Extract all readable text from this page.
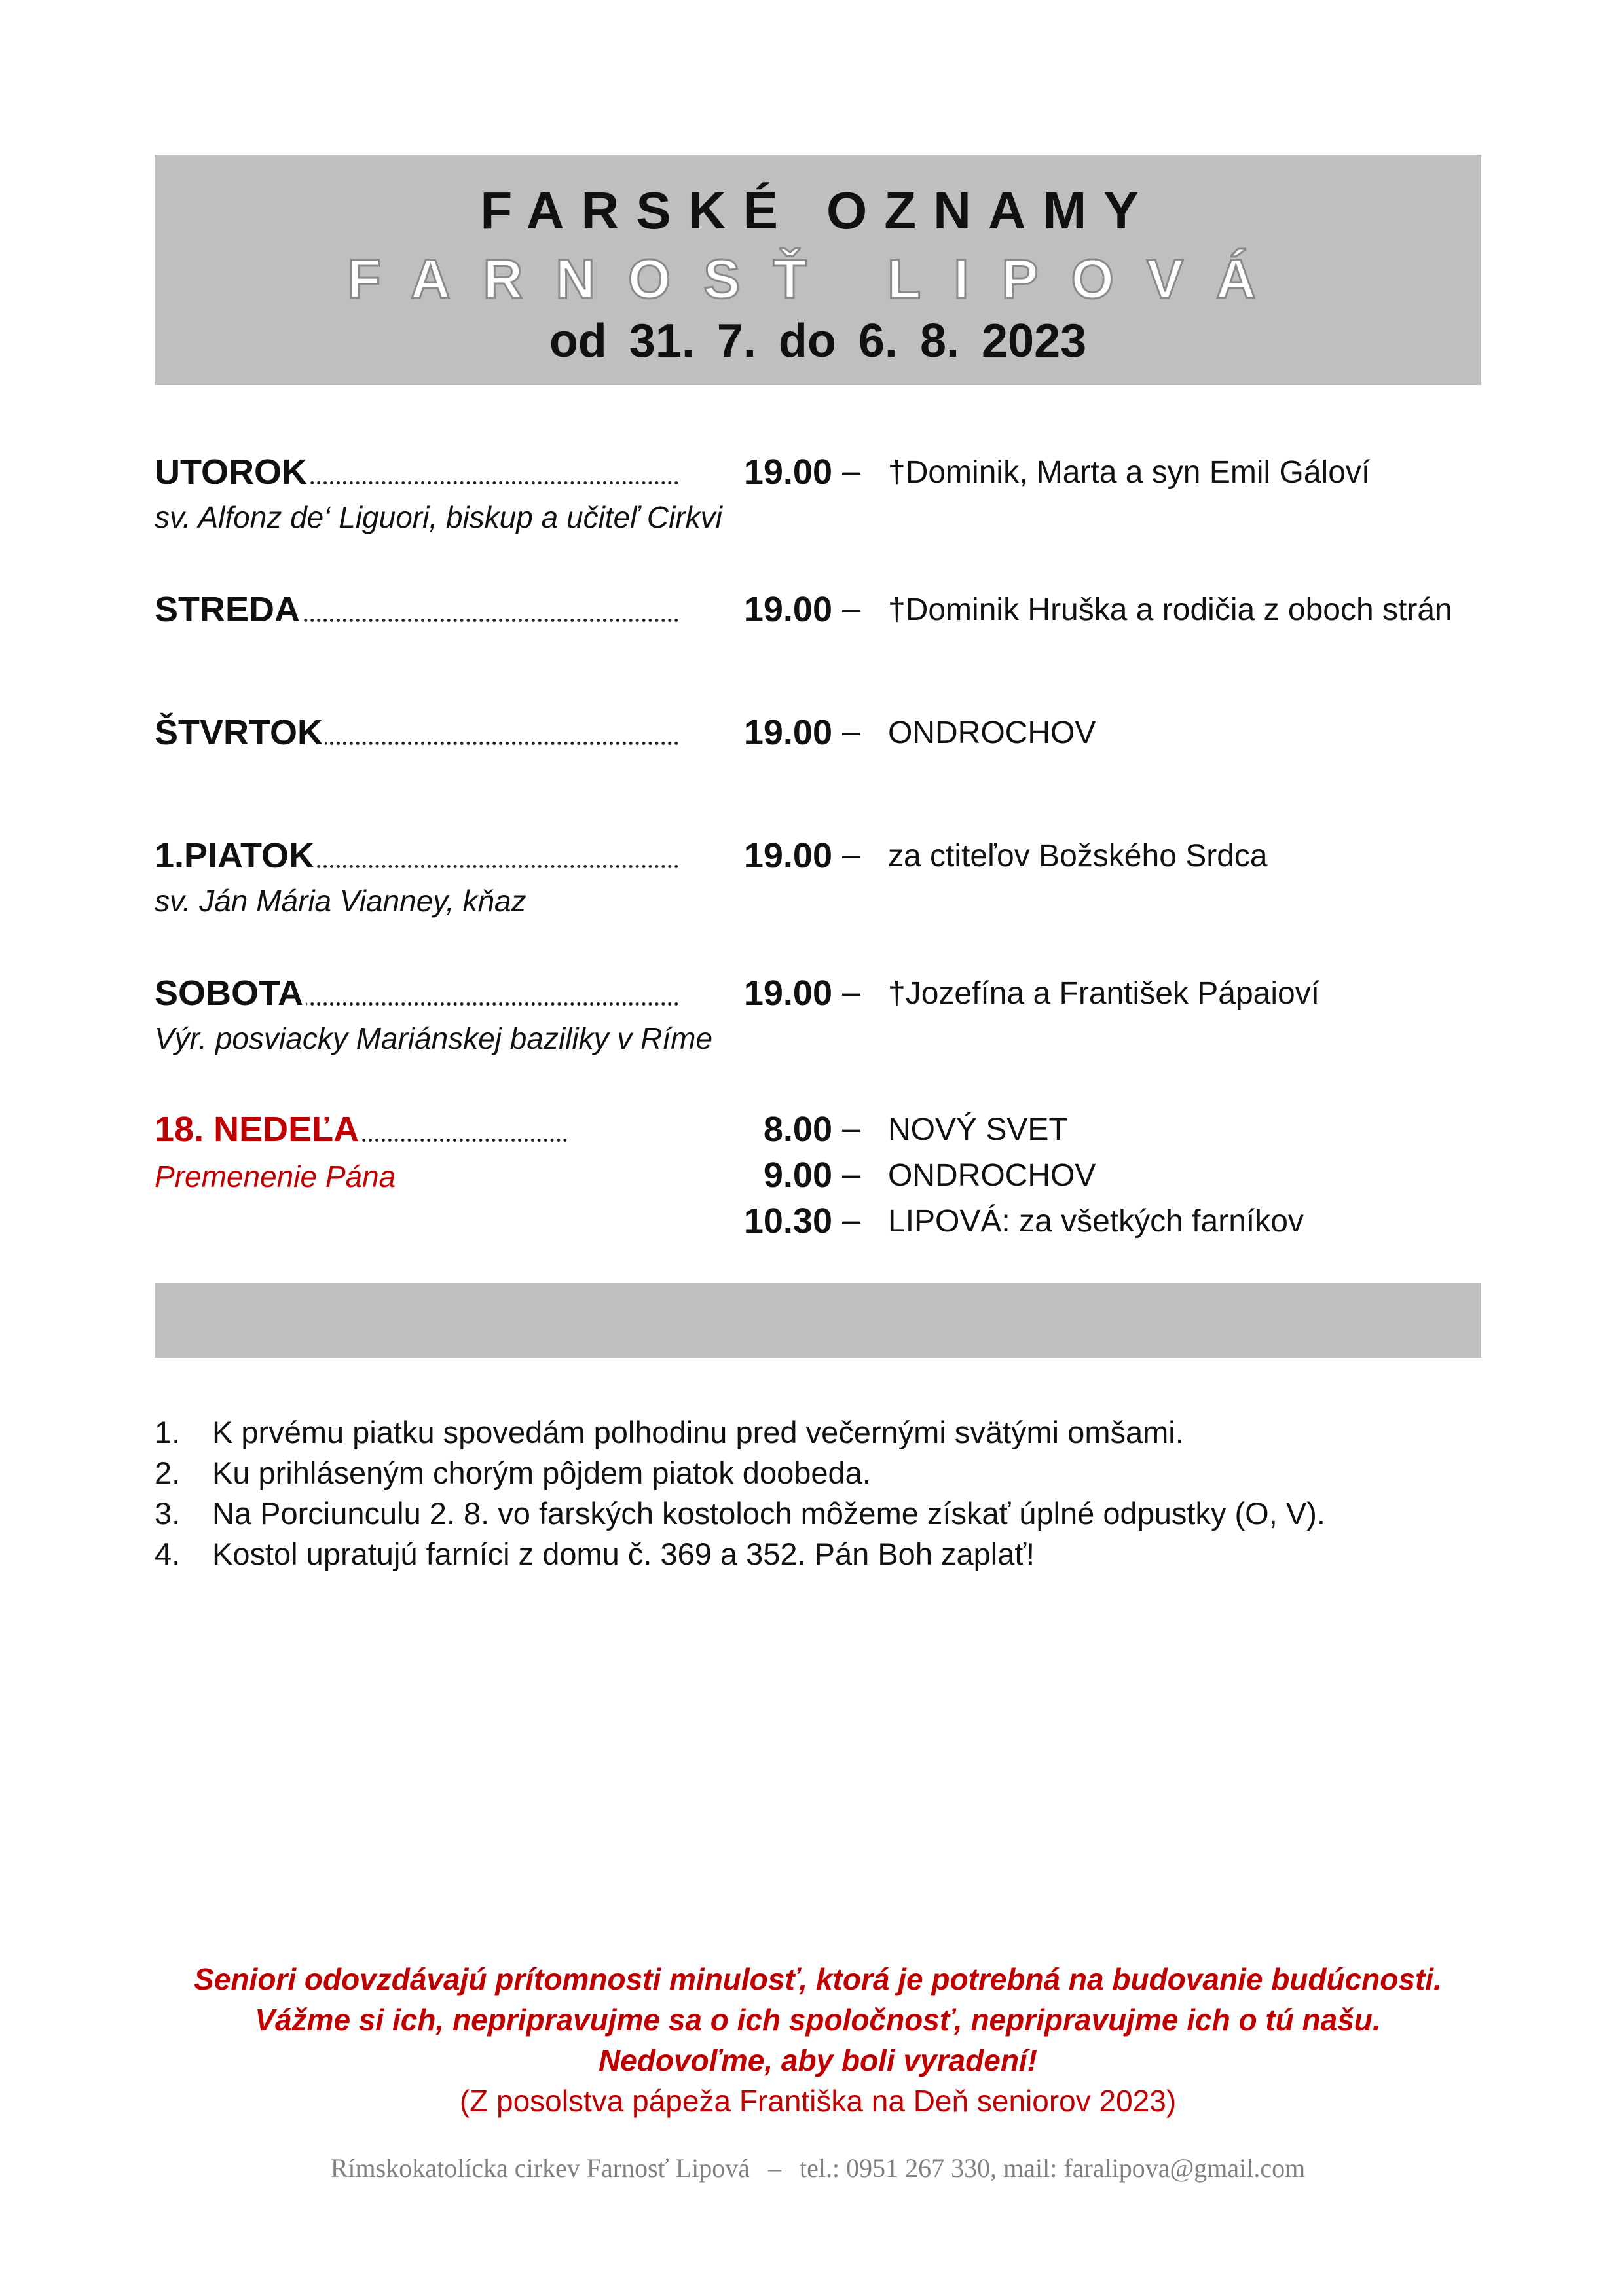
FARSKÉ OZNAMY
FARNOSŤ LIPOVÁ
od 31. 7. do 6. 8. 2023
UTOROK	19.00 – †Dominik, Marta a syn Emil Gáloví
sv. Alfonz de‘ Liguori, biskup a učiteľ Cirkvi
STREDA	19.00 – †Dominik Hruška a rodičia z oboch strán
ŠTVRTOK	19.00 – ONDROCHOV
1.PIATOK	19.00 – za ctiteľov Božského Srdca
sv. Ján Mária Vianney, kňaz
SOBOTA	19.00 – †Jozefína a František Pápaioví
Výr. posviacky Mariánskej baziliky v Ríme
18. NEDEĽA	8.00 – NOVÝ SVET
Premenenie Pána	9.00 – ONDROCHOV
10.30 – LIPOVÁ: za všetkých farníkov
1. K prvému piatku spovedám polhodinu pred večernými svätými omšami.
2. Ku prihláseným chorým pôjdem piatok doobeda.
3. Na Porciunculu 2. 8. vo farských kostoloch môžeme získať úplné odpustky (O, V).
4. Kostol upratujú farníci z domu č. 369 a 352. Pán Boh zaplať!
Seniori odovzdávajú prítomnosti minulosť, ktorá je potrebná na budovanie budúcnosti.
Vážme si ich, nepripravujme sa o ich spoločnosť, nepripravujme ich o tú našu.
Nedovoľme, aby boli vyradení!
(Z posolstva pápeža Františka na Deň seniorov 2023)
Rímskokatolícka cirkev Farnosť Lipová – tel.: 0951 267 330, mail: faralipova@gmail.com
